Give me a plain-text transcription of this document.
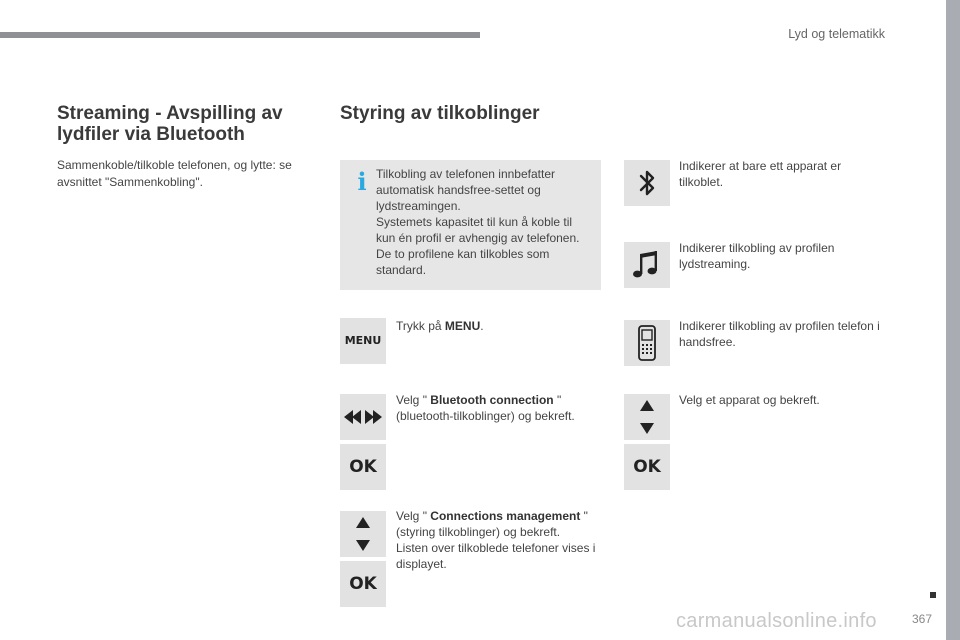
Lyd og telematikk
367
carmanualsonline.info
Streaming - Avspilling av lydfiler via Bluetooth

Sammenkoble/tilkoble telefonen, og lytte: se avsnittet "Sammenkobling".

Styring av tilkoblinger
i Tilkobling av telefonen innbefatter automatisk handsfree-settet og lydstreamingen.
Systemets kapasitet til kun å koble til kun én profil er avhengig av telefonen.
De to profilene kan tilkobles som standard.
MENU

Trykk på MENU.

Velg " Bluetooth connection " (bluetooth-tilkoblinger) og bekreft.

OK

Velg " Connections management " (styring tilkoblinger) og bekreft.
Listen over tilkoblede telefoner vises i displayet.

OK

Indikerer at bare ett apparat er tilkoblet.

Indikerer tilkobling av profilen lydstreaming.

Indikerer tilkobling av profilen telefon i handsfree.

Velg et apparat og bekreft.

OK
